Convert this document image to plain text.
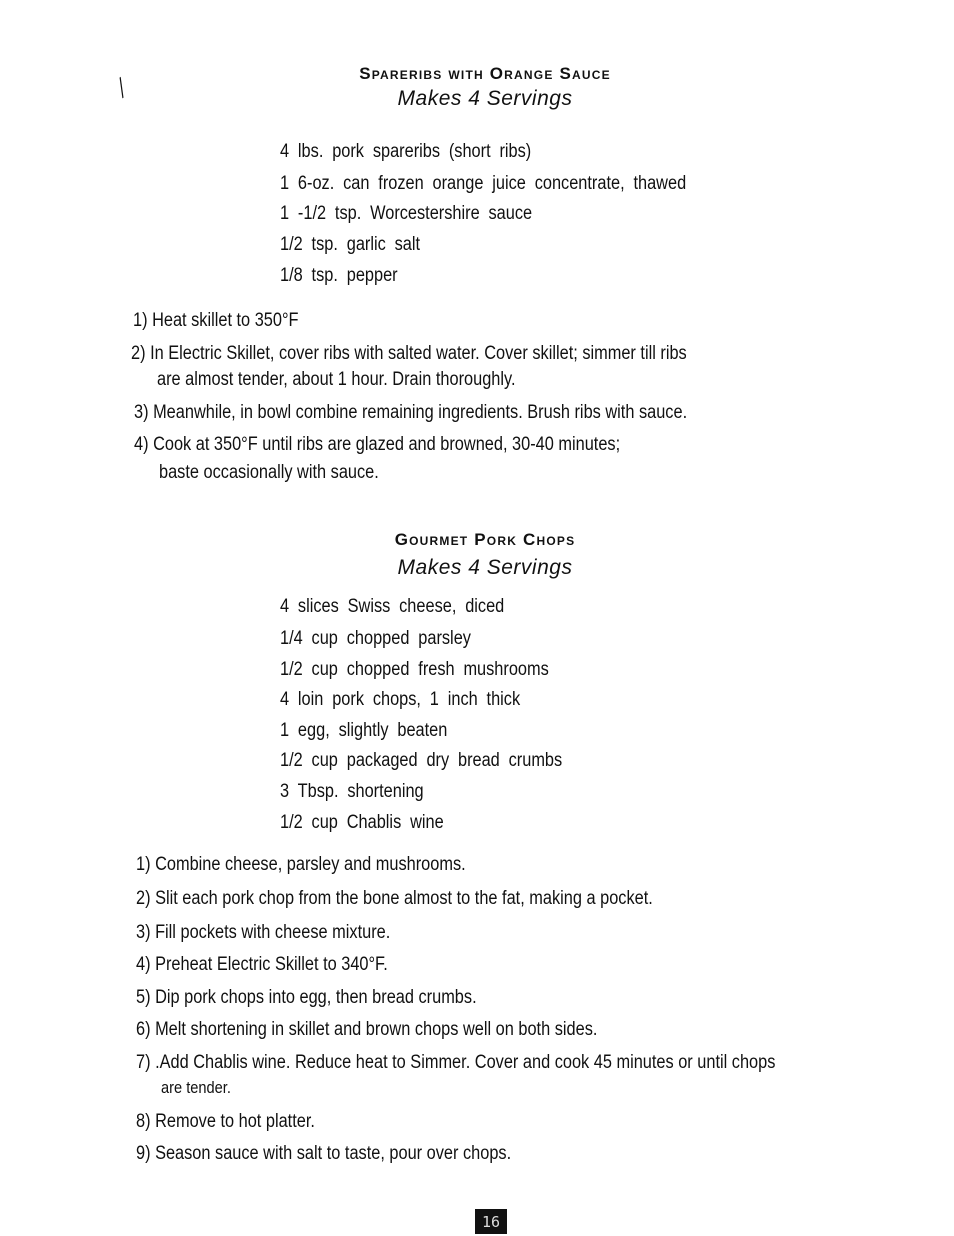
╱
Spareribs with Orange Sauce
Makes 4 Servings
4 lbs. pork spareribs (short ribs)
1 6-oz. can frozen orange juice concentrate, thawed
1 -1/2 tsp. Worcestershire sauce
1/2 tsp. garlic salt
1/8 tsp. pepper
1) Heat skillet to 350°F
2) In Electric Skillet, cover ribs with salted water. Cover skillet; simmer till ribs
are almost tender, about 1 hour. Drain thoroughly.
3) Meanwhile, in bowl combine remaining ingredients. Brush ribs with sauce.
4) Cook at 350°F until ribs are glazed and browned, 30-40 minutes;
baste occasionally with sauce.
Gourmet Pork Chops
Makes 4 Servings
4 slices Swiss cheese, diced
1/4 cup chopped parsley
1/2 cup chopped fresh mushrooms
4 loin pork chops, 1 inch thick
1 egg, slightly beaten
1/2 cup packaged dry bread crumbs
3 Tbsp. shortening
1/2 cup Chablis wine
1) Combine cheese, parsley and mushrooms.
2) Slit each pork chop from the bone almost to the fat, making a pocket.
3) Fill pockets with cheese mixture.
4) Preheat Electric Skillet to 340°F.
5) Dip pork chops into egg, then bread crumbs.
6) Melt shortening in skillet and brown chops well on both sides.
7) .Add Chablis wine. Reduce heat to Simmer. Cover and cook 45 minutes or until chops
are tender.
8) Remove to hot platter.
9) Season sauce with salt to taste, pour over chops.
16
